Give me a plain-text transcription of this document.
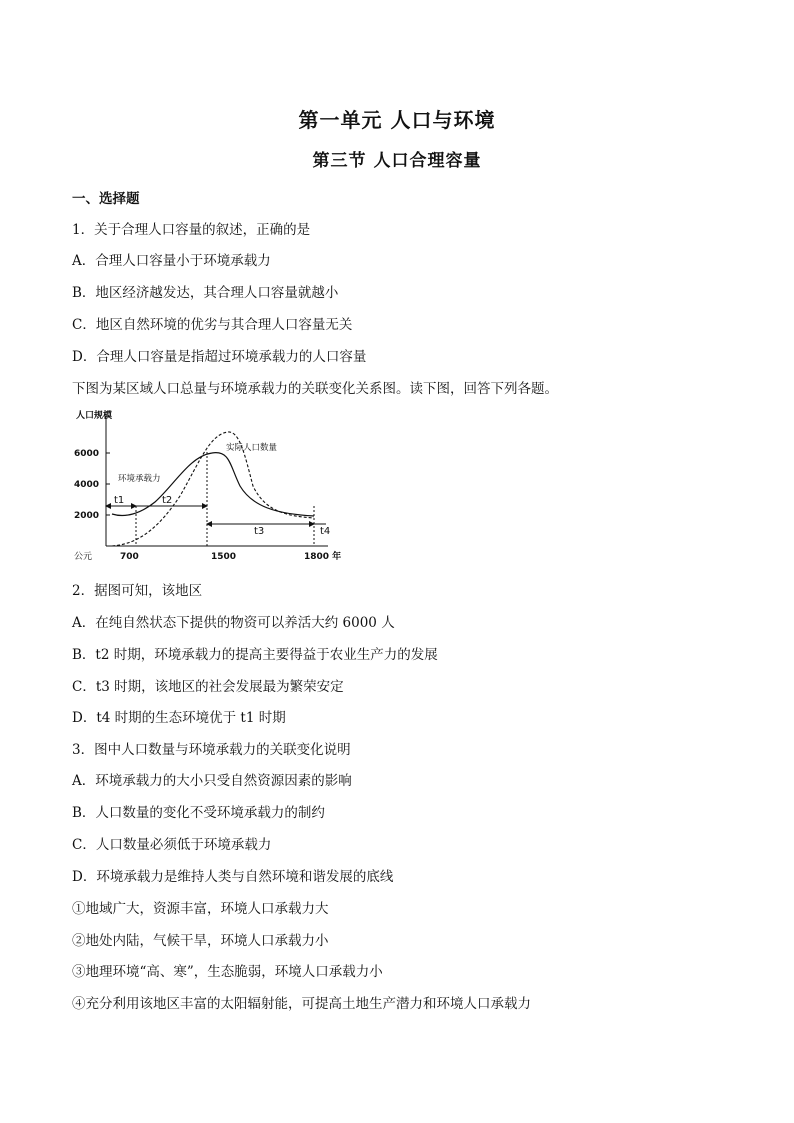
第一单元 人口与环境
第三节 人口合理容量
一、选择题
1．关于合理人口容量的叙述，正确的是
A．合理人口容量小于环境承载力
B．地区经济越发达，其合理人口容量就越小
C．地区自然环境的优劣与其合理人口容量无关
D．合理人口容量是指超过环境承载力的人口容量
下图为某区域人口总量与环境承载力的关联变化关系图。读下图，回答下列各题。
人口规模
6000
4000
2000
公元	700	1500	1800 年
环境承载力
实际人口数量
t1	t2
t3	t4
2．据图可知，该地区
A．在纯自然状态下提供的物资可以养活大约 6000 人
B．t2 时期，环境承载力的提高主要得益于农业生产力的发展
C．t3 时期，该地区的社会发展最为繁荣安定
D．t4 时期的生态环境优于 t1 时期
3．图中人口数量与环境承载力的关联变化说明
A．环境承载力的大小只受自然资源因素的影响
B．人口数量的变化不受环境承载力的制约
C．人口数量必须低于环境承载力
D．环境承载力是维持人类与自然环境和谐发展的底线
①地域广大，资源丰富，环境人口承载力大
②地处内陆，气候干旱，环境人口承载力小
③地理环境“高、寒”，生态脆弱，环境人口承载力小
④充分利用该地区丰富的太阳辐射能，可提高土地生产潜力和环境人口承载力
